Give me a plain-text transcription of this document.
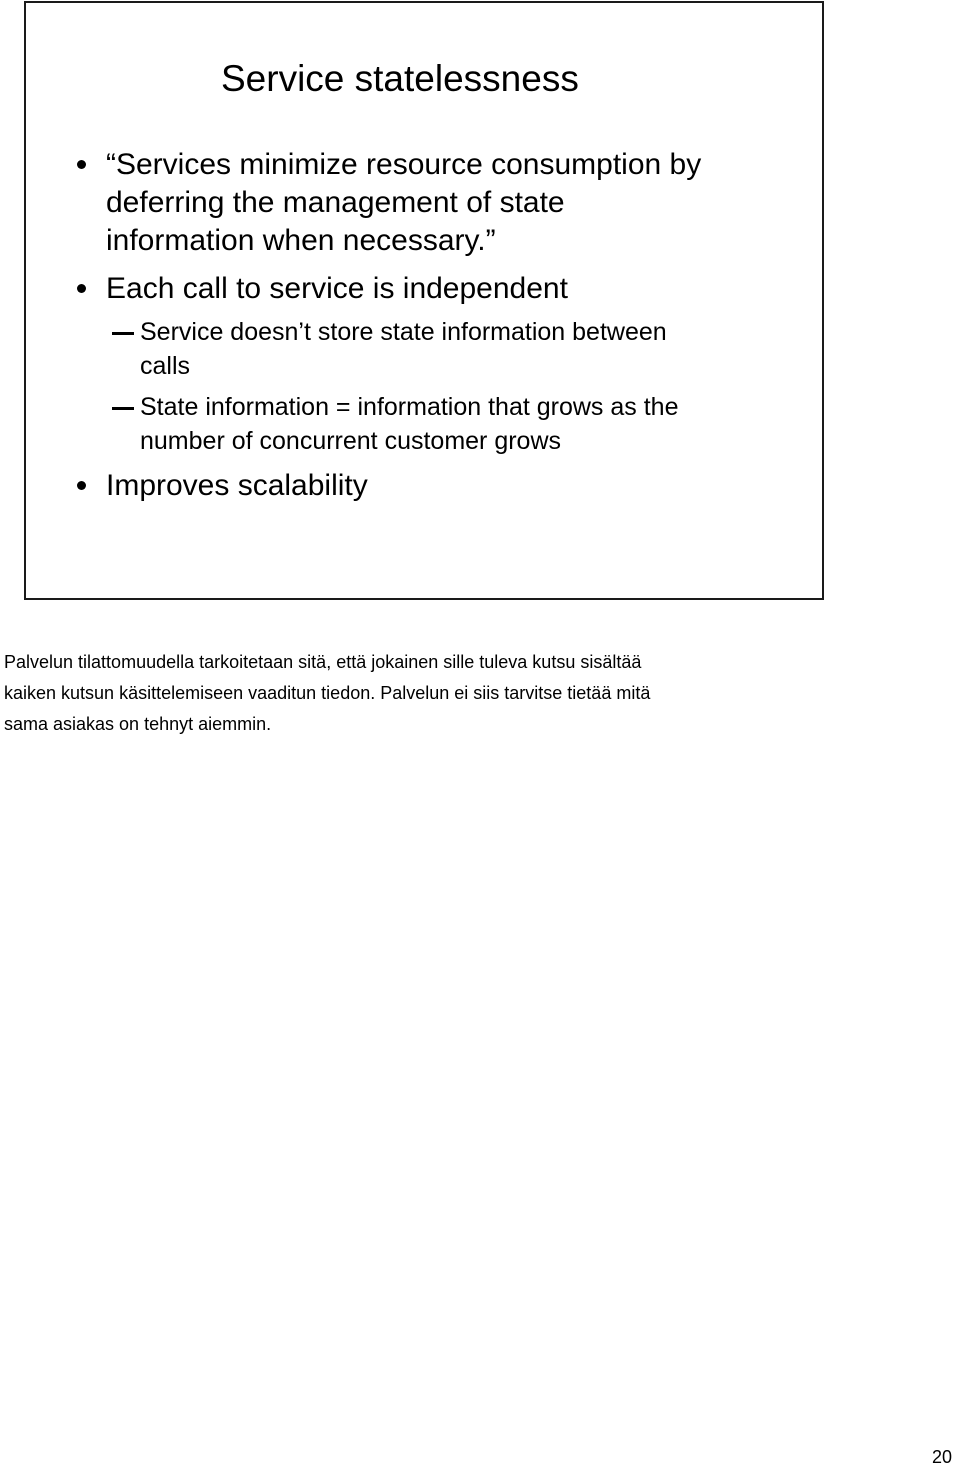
Service statelessness
“Services minimize resource consumption by
deferring the management of state
information when necessary.”
Each call to service is independent
Service doesn’t store state information between
calls
State information = information that grows as the
number of concurrent customer grows
Improves scalability

Palvelun tilattomuudella tarkoitetaan sitä, että jokainen sille tuleva kutsu sisältää
kaiken kutsun käsittelemiseen vaaditun tiedon. Palvelun ei siis tarvitse tietää mitä
sama asiakas on tehnyt aiemmin.

20
